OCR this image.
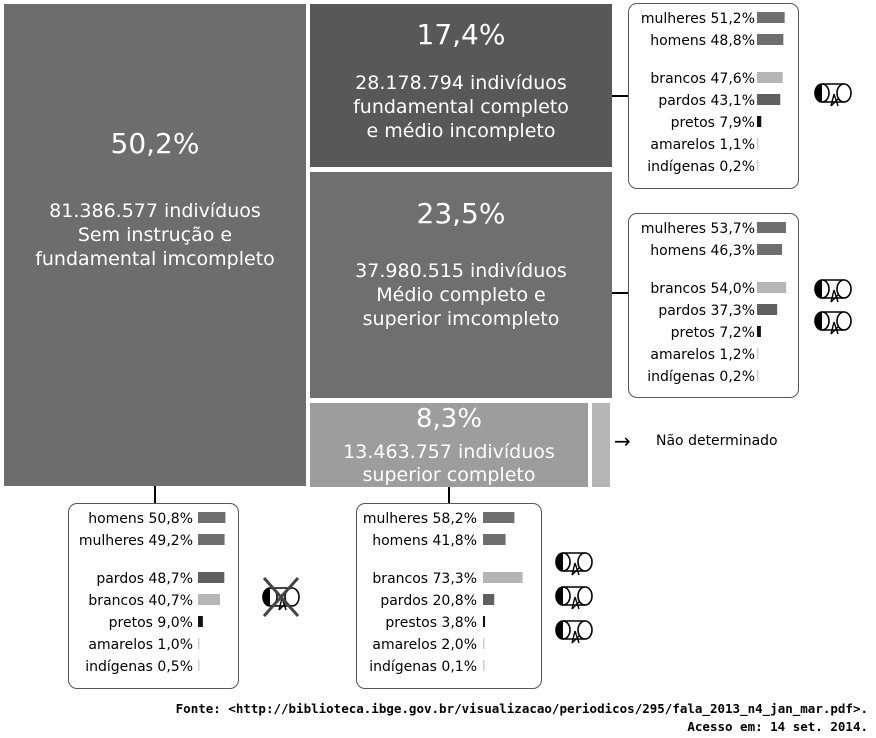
50,2%
81.386.577 indivíduos
Sem instrução e
fundamental imcompleto
17,4%
28.178.794 indivíduos
fundamental completo
e médio incompleto
23,5%
37.980.515 indivíduos
Médio completo e
superior imcompleto
8,3%
13.463.757 indivíduos
superior completo
→ Não determinado
mulheres 51,2%
homens 48,8%
brancos 47,6%
pardos 43,1%
pretos 7,9%
amarelos 1,1%
indígenas 0,2%
mulheres 53,7%
homens 46,3%
brancos 54,0%
pardos 37,3%
pretos 7,2%
amarelos 1,2%
indígenas 0,2%
homens 50,8%
mulheres 49,2%
pardos 48,7%
brancos 40,7%
pretos 9,0%
amarelos 1,0%
indígenas 0,5%
mulheres 58,2%
homens 41,8%
brancos 73,3%
pardos 20,8%
prestos 3,8%
amarelos 2,0%
indígenas 0,1%
Fonte: <http://biblioteca.ibge.gov.br/visualizacao/periodicos/295/fala_2013_n4_jan_mar.pdf>.
Acesso em: 14 set. 2014.
